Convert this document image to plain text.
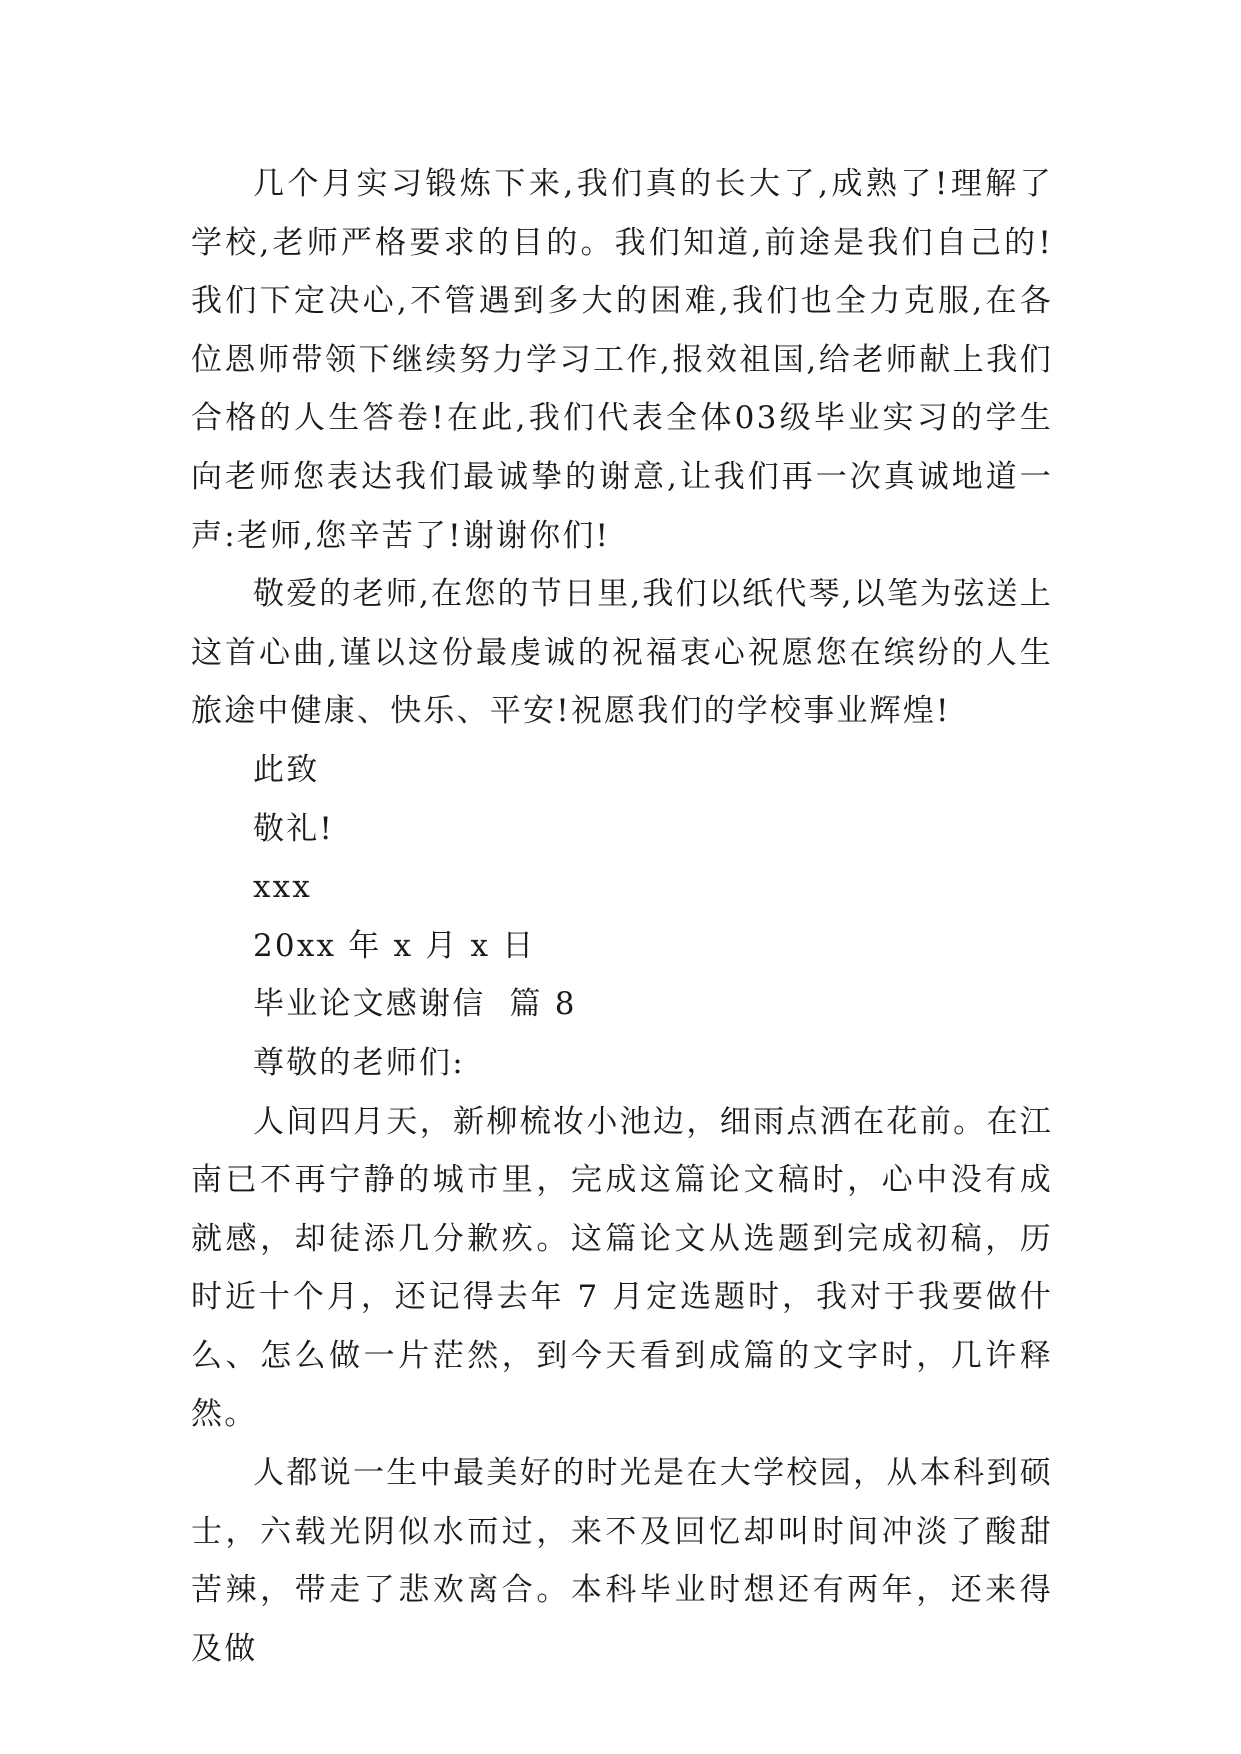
几个月实习锻炼下来,我们真的长大了,成熟了!理解了学校,老师严格要求的目的。我们知道,前途是我们自己的!我们下定决心,不管遇到多大的困难,我们也全力克服,在各位恩师带领下继续努力学习工作,报效祖国,给老师献上我们合格的人生答卷!在此,我们代表全体03级毕业实习的学生向老师您表达我们最诚挚的谢意,让我们再一次真诚地道一声:老师,您辛苦了!谢谢你们!

敬爱的老师,在您的节日里,我们以纸代琴,以笔为弦送上这首心曲,谨以这份最虔诚的祝福衷心祝愿您在缤纷的人生旅途中健康、快乐、平安!祝愿我们的学校事业辉煌!

此致

敬礼!

xxx

20xx 年 x 月 x 日

毕业论文感谢信  篇 8

尊敬的老师们:

人间四月天，新柳梳妆小池边，细雨点洒在花前。在江南已不再宁静的城市里，完成这篇论文稿时，心中没有成就感，却徒添几分歉疚。这篇论文从选题到完成初稿，历时近十个月，还记得去年 7 月定选题时，我对于我要做什么、怎么做一片茫然，到今天看到成篇的文字时，几许释然。

人都说一生中最美好的时光是在大学校园，从本科到硕士，六载光阴似水而过，来不及回忆却叫时间冲淡了酸甜苦辣，带走了悲欢离合。本科毕业时想还有两年，还来得及做
